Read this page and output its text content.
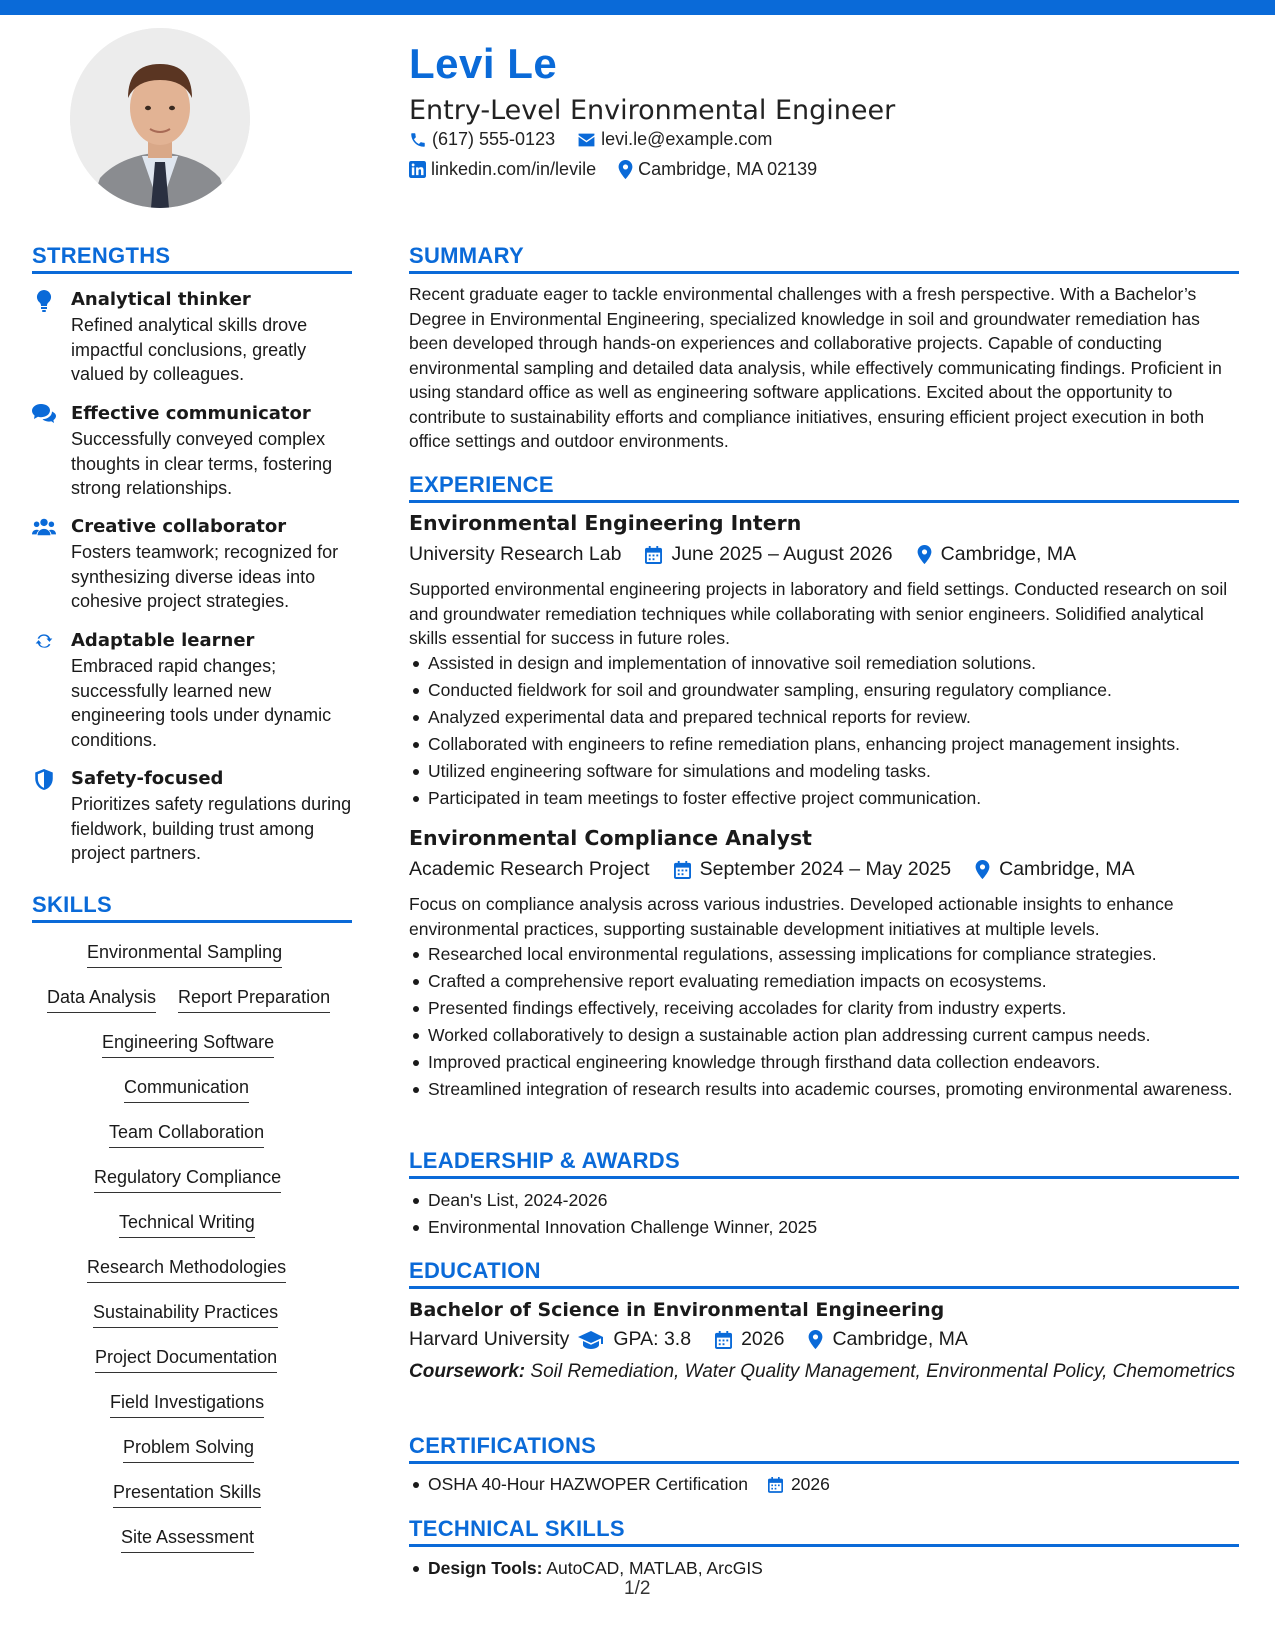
Levi Le
Entry-Level Environmental Engineer
(617) 555-0123	levi.le@example.com
linkedin.com/in/levile Cambridge, MA 02139
STRENGTHS
Analytical thinker
Refined analytical skills drove impactful conclusions, greatly valued by colleagues.
Effective communicator
Successfully conveyed complex thoughts in clear terms, fostering strong relationships.
Creative collaborator
Fosters teamwork; recognized for synthesizing diverse ideas into cohesive project strategies.
Adaptable learner
Embraced rapid changes; successfully learned new engineering tools under dynamic conditions.
Safety-focused
Prioritizes safety regulations during fieldwork, building trust among project partners.
SKILLS
Environmental Sampling
Data Analysis Report Preparation
Engineering Software
Communication
Team Collaboration
Regulatory Compliance
Technical Writing
Research Methodologies
Sustainability Practices
Project Documentation
Field Investigations
Problem Solving
Presentation Skills
Site Assessment
SUMMARY
Recent graduate eager to tackle environmental challenges with a fresh perspective. With a Bachelor’s Degree in Environmental Engineering, specialized knowledge in soil and groundwater remediation has been developed through hands-on experiences and collaborative projects. Capable of conducting environmental sampling and detailed data analysis, while effectively communicating findings. Proficient in using standard office as well as engineering software applications. Excited about the opportunity to contribute to sustainability efforts and compliance initiatives, ensuring efficient project execution in both office settings and outdoor environments.
EXPERIENCE
Environmental Engineering Intern
University Research Lab	June 2025 – August 2026 Cambridge, MA
Supported environmental engineering projects in laboratory and field settings. Conducted research on soil and groundwater remediation techniques while collaborating with senior engineers. Solidified analytical skills essential for success in future roles.
Assisted in design and implementation of innovative soil remediation solutions.
Conducted fieldwork for soil and groundwater sampling, ensuring regulatory compliance.
Analyzed experimental data and prepared technical reports for review.
Collaborated with engineers to refine remediation plans, enhancing project management insights.
Utilized engineering software for simulations and modeling tasks.
Participated in team meetings to foster effective project communication.
Environmental Compliance Analyst
Academic Research Project	September 2024 – May 2025 Cambridge, MA
Focus on compliance analysis across various industries. Developed actionable insights to enhance environmental practices, supporting sustainable development initiatives at multiple levels.
Researched local environmental regulations, assessing implications for compliance strategies.
Crafted a comprehensive report evaluating remediation impacts on ecosystems.
Presented findings effectively, receiving accolades for clarity from industry experts.
Worked collaboratively to design a sustainable action plan addressing current campus needs.
Improved practical engineering knowledge through firsthand data collection endeavors.
Streamlined integration of research results into academic courses, promoting environmental awareness.
LEADERSHIP & AWARDS
Dean's List, 2024-2026
Environmental Innovation Challenge Winner, 2025
EDUCATION
Bachelor of Science in Environmental Engineering
Harvard University GPA: 3.8	2026 Cambridge, MA
Coursework: Soil Remediation, Water Quality Management, Environmental Policy, Chemometrics
CERTIFICATIONS
OSHA 40-Hour HAZWOPER Certification 2026
TECHNICAL SKILLS
Design Tools: AutoCAD, MATLAB, ArcGIS
1/2
